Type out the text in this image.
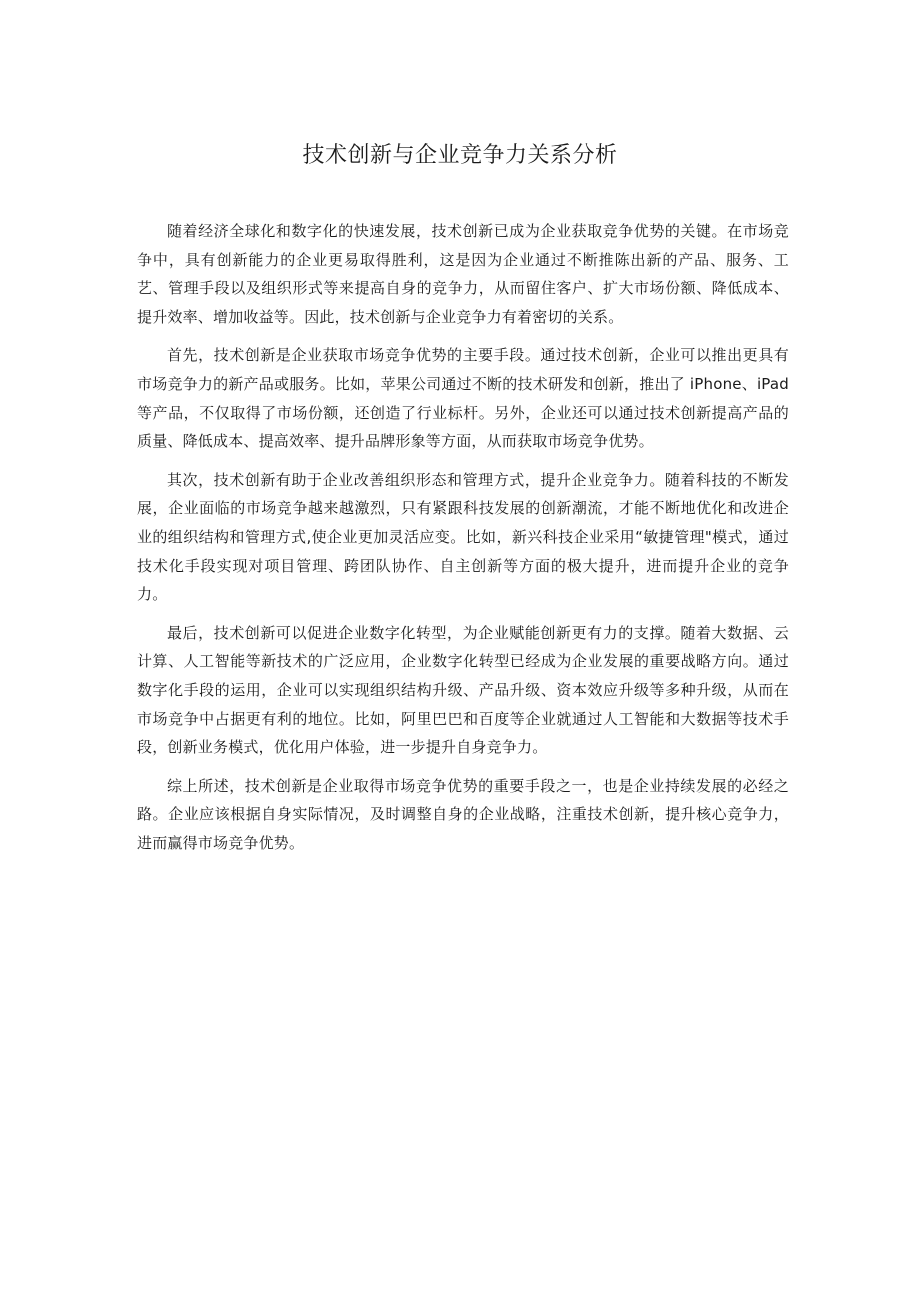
技术创新与企业竞争力关系分析

随着经济全球化和数字化的快速发展，技术创新已成为企业获取竞争优势的关键。在市场竞争中，具有创新能力的企业更易取得胜利，这是因为企业通过不断推陈出新的产品、服务、工艺、管理手段以及组织形式等来提高自身的竞争力，从而留住客户、扩大市场份额、降低成本、提升效率、增加收益等。因此，技术创新与企业竞争力有着密切的关系。

首先，技术创新是企业获取市场竞争优势的主要手段。通过技术创新，企业可以推出更具有市场竞争力的新产品或服务。比如，苹果公司通过不断的技术研发和创新，推出了 iPhone、iPad 等产品，不仅取得了市场份额，还创造了行业标杆。另外，企业还可以通过技术创新提高产品的质量、降低成本、提高效率、提升品牌形象等方面，从而获取市场竞争优势。

其次，技术创新有助于企业改善组织形态和管理方式，提升企业竞争力。随着科技的不断发展，企业面临的市场竞争越来越激烈，只有紧跟科技发展的创新潮流，才能不断地优化和改进企业的组织结构和管理方式,使企业更加灵活应变。比如，新兴科技企业采用“敏捷管理"模式，通过技术化手段实现对项目管理、跨团队协作、自主创新等方面的极大提升，进而提升企业的竞争力。

最后，技术创新可以促进企业数字化转型，为企业赋能创新更有力的支撑。随着大数据、云计算、人工智能等新技术的广泛应用，企业数字化转型已经成为企业发展的重要战略方向。通过数字化手段的运用，企业可以实现组织结构升级、产品升级、资本效应升级等多种升级，从而在市场竞争中占据更有利的地位。比如，阿里巴巴和百度等企业就通过人工智能和大数据等技术手段，创新业务模式，优化用户体验，进一步提升自身竞争力。

综上所述，技术创新是企业取得市场竞争优势的重要手段之一，也是企业持续发展的必经之路。企业应该根据自身实际情况，及时调整自身的企业战略，注重技术创新，提升核心竞争力，进而赢得市场竞争优势。
